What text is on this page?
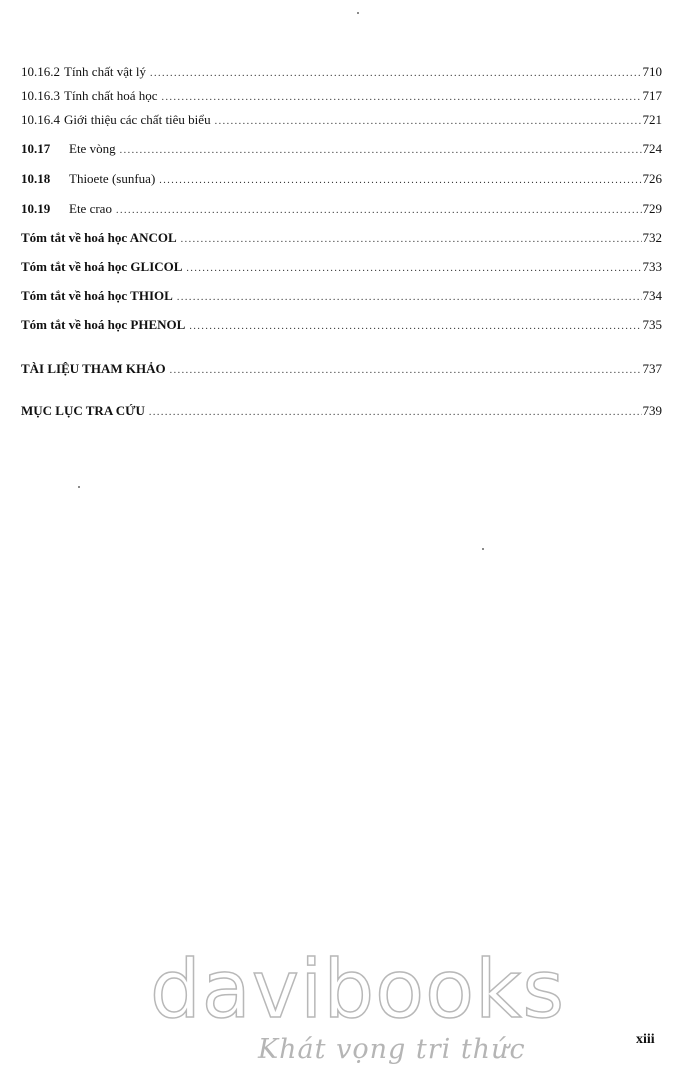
10.16.2 Tính chất vật lý .....	710
10.16.3 Tính chất hoá học .....	717
10.16.4 Giới thiệu các chất tiêu biểu .....	721
10.17	Ete vòng .....	724
10.18	Thioete (sunfua) .....	726
10.19	Ete crao .....	729
Tóm tắt về hoá học ANCOL .....	732
Tóm tắt về hoá học GLICOL .....	733
Tóm tắt về hoá học THIOL .....	734
Tóm tắt về hoá học PHENOL .....	735
TÀI LIỆU THAM KHẢO .....	737
MỤC LỤC TRA CỨU .....	739
davibooks
Khát vọng tri thức	xiii
